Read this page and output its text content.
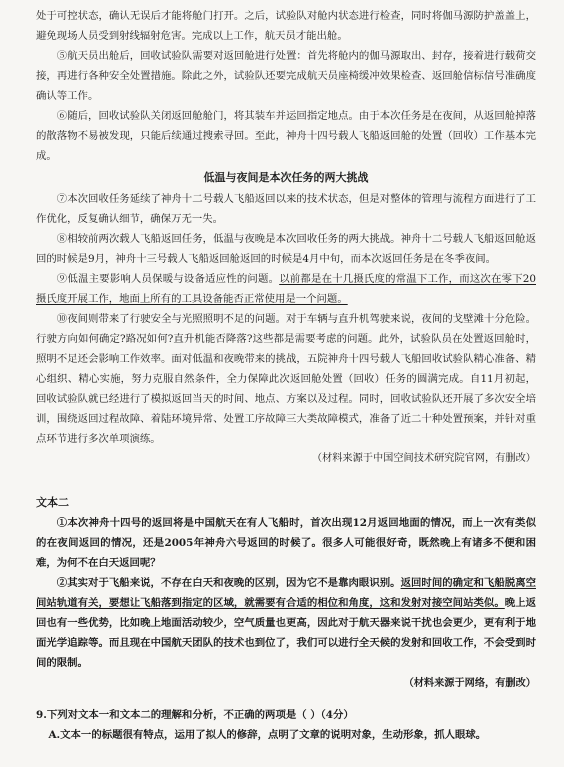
处于可控状态，确认无误后才能将舱门打开。之后，试验队对舱内状态进行检查，同时将伽马源防护盖盖上，避免现场人员受到射线辐射危害。完成以上工作，航天员才能出舱。

⑤航天员出舱后，回收试验队需要对返回舱进行处置：首先将舱内的伽马源取出、封存，接着进行载荷交接，再进行各种安全处置措施。除此之外，试验队还要完成航天员座椅缓冲效果检查、返回舱信标信号准确度确认等工作。

⑥随后，回收试验队关闭返回舱舱门，将其装车并运回指定地点。由于本次任务是在夜间，从返回舱掉落的散落物不易被发现，只能后续通过搜索寻回。至此，神舟十四号载人飞船返回舱的处置（回收）工作基本完成。

低温与夜间是本次任务的两大挑战

⑦本次回收任务延续了神舟十二号载人飞船返回以来的技术状态，但是对整体的管理与流程方面进行了工作优化，反复确认细节，确保万无一失。

⑧相较前两次载人飞船返回任务，低温与夜晚是本次回收任务的两大挑战。神舟十二号载人飞船返回舱返回的时候是9月，神舟十三号载人飞船返回舱返回的时候是4月中旬，而本次返回任务是在冬季夜间。

⑨低温主要影响人员保暖与设备适应性的问题。以前都是在十几摄氏度的常温下工作，而这次在零下20摄氏度开展工作，地面上所有的工具设备能否正常使用是一个问题。

⑩夜间则带来了行驶安全与光照照明不足的问题。对于车辆与直升机驾驶来说，夜间的戈壁滩十分危险。行驶方向如何确定?路况如何?直升机能否降落?这些都是需要考虑的问题。此外，试验队员在处置返回舱时，照明不足还会影响工作效率。面对低温和夜晚带来的挑战，五院神舟十四号载人飞船回收试验队精心准备、精心组织、精心实施，努力克服自然条件，全力保障此次返回舱处置（回收）任务的圆满完成。自11月初起，回收试验队就已经进行了模拟返回当天的时间、地点、方案以及过程。同时，回收试验队还开展了多次安全培训，围绕返回过程故障、着陆环境异常、处置工序故障三大类故障模式，准备了近二十种处置预案，并针对重点环节进行多次单项演练。

（材料来源于中国空间技术研究院官网，有删改）

文本二

①本次神舟十四号的返回将是中国航天在有人飞船时，首次出现12月返回地面的情况，而上一次有类似的在夜间返回的情况，还是2005年神舟六号返回的时候了。很多人可能很好奇，既然晚上有诸多不便和困难，为何不在白天返回呢？

②其实对于飞船来说，不存在白天和夜晚的区别，因为它不是靠肉眼识别。返回时间的确定和飞船脱离空间站轨道有关，要想让飞船落到指定的区域，就需要有合适的相位和角度，这和发射对接空间站类似。晚上返回也有一些优势，比如晚上地面活动较少，空气质量也更高，因此对于航天器来说干扰也会更少，更有利于地面光学追踪等。而且现在中国航天团队的技术也到位了，我们可以进行全天候的发射和回收工作，不会受到时间的限制。

（材料来源于网络，有删改）

9.下列对文本一和文本二的理解和分析，不正确的两项是（ ）（4分）

A.文本一的标题很有特点，运用了拟人的修辞，点明了文章的说明对象，生动形象，抓人眼球。
